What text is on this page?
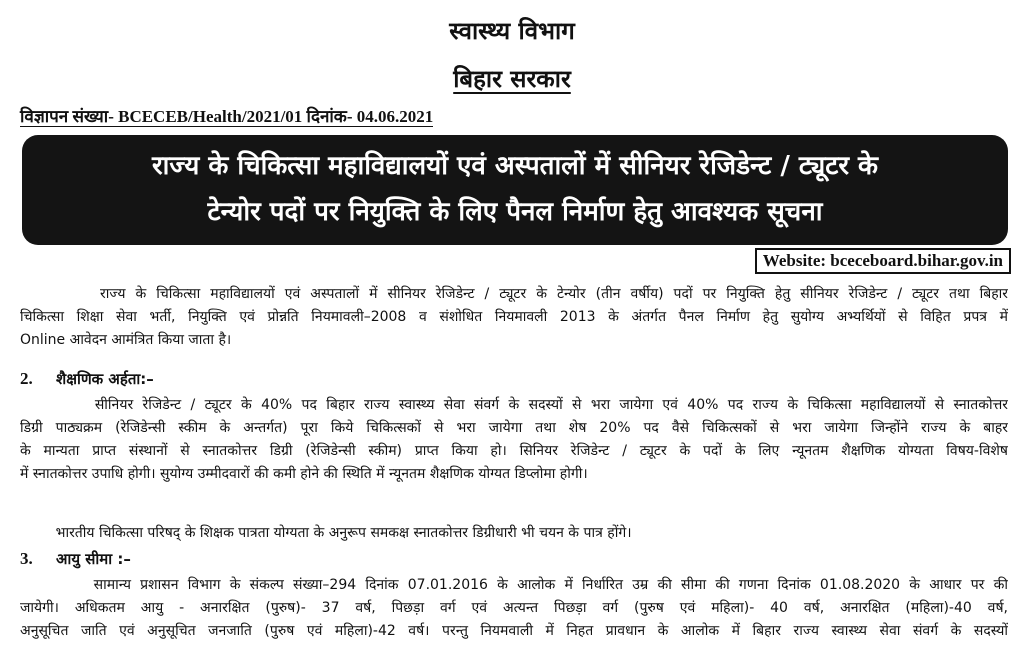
स्वास्थ्य विभाग
बिहार सरकार
विज्ञापन संख्या- BCECEB/Health/2021/01 दिनांक- 04.06.2021
राज्य के चिकित्सा महाविद्यालयों एवं अस्पतालों में सीनियर रेजिडेन्ट / ट्यूटर के
टेन्योर पदों पर नियुक्ति के लिए पैनल निर्माण हेतु आवश्यक सूचना
Website: bceceboard.bihar.gov.in
राज्य के चिकित्सा महाविद्यालयों एवं अस्पतालों में सीनियर रेजिडेन्ट / ट्यूटर के टेन्योर (तीन वर्षीय) पदों पर नियुक्ति हेतु सीनियर रेजिडेन्ट / ट्यूटर तथा बिहार
चिकित्सा शिक्षा सेवा भर्ती, नियुक्ति एवं प्रोन्नति नियमावली–2008 व संशोधित नियमावली 2013 के अंतर्गत पैनल निर्माण हेतु सुयोग्य अभ्यर्थियों से विहित प्रपत्र में
Online आवेदन आमंत्रित किया जाता है।
2. शैक्षणिक अर्हता:–
सीनियर रेजिडेन्ट / ट्यूटर के 40% पद बिहार राज्य स्वास्थ्य सेवा संवर्ग के सदस्यों से भरा जायेगा एवं 40% पद राज्य के चिकित्सा महाविद्यालयों से स्नातकोत्तर
डिग्री पाठ्यक्रम (रेजिडेन्सी स्कीम के अन्तर्गत) पूरा किये चिकित्सकों से भरा जायेगा तथा शेष 20% पद वैसे चिकित्सकों से भरा जायेगा जिन्होंने राज्य के बाहर
के मान्यता प्राप्त संस्थानों से स्नातकोत्तर डिग्री (रेजिडेन्सी स्कीम) प्राप्त किया हो। सिनियर रेजिडेन्ट / ट्यूटर के पदों के लिए न्यूनतम शैक्षणिक योग्यता विषय-विशेष
में स्नातकोत्तर उपाधि होगी। सुयोग्य उम्मीदवारों की कमी होने की स्थिति में न्यूनतम शैक्षणिक योग्यत डिप्लोमा होगी।
भारतीय चिकित्सा परिषद् के शिक्षक पात्रता योग्यता के अनुरूप समकक्ष स्नातकोत्तर डिग्रीधारी भी चयन के पात्र होंगे।
3. आयु सीमा :–
सामान्य प्रशासन विभाग के संकल्प संख्या–294 दिनांक 07.01.2016 के आलोक में निर्धारित उम्र की सीमा की गणना दिनांक 01.08.2020 के आधार पर की
जायेगी। अधिकतम आयु - अनारक्षित (पुरुष)- 37 वर्ष, पिछड़ा वर्ग एवं अत्यन्त पिछड़ा वर्ग (पुरुष एवं महिला)- 40 वर्ष, अनारक्षित (महिला)-40 वर्ष,
अनुसूचित जाति एवं अनुसूचित जनजाति (पुरुष एवं महिला)-42 वर्ष। परन्तु नियमवाली में निहत प्रावधान के आलोक में बिहार राज्य स्वास्थ्य सेवा संवर्ग के सदस्यों
